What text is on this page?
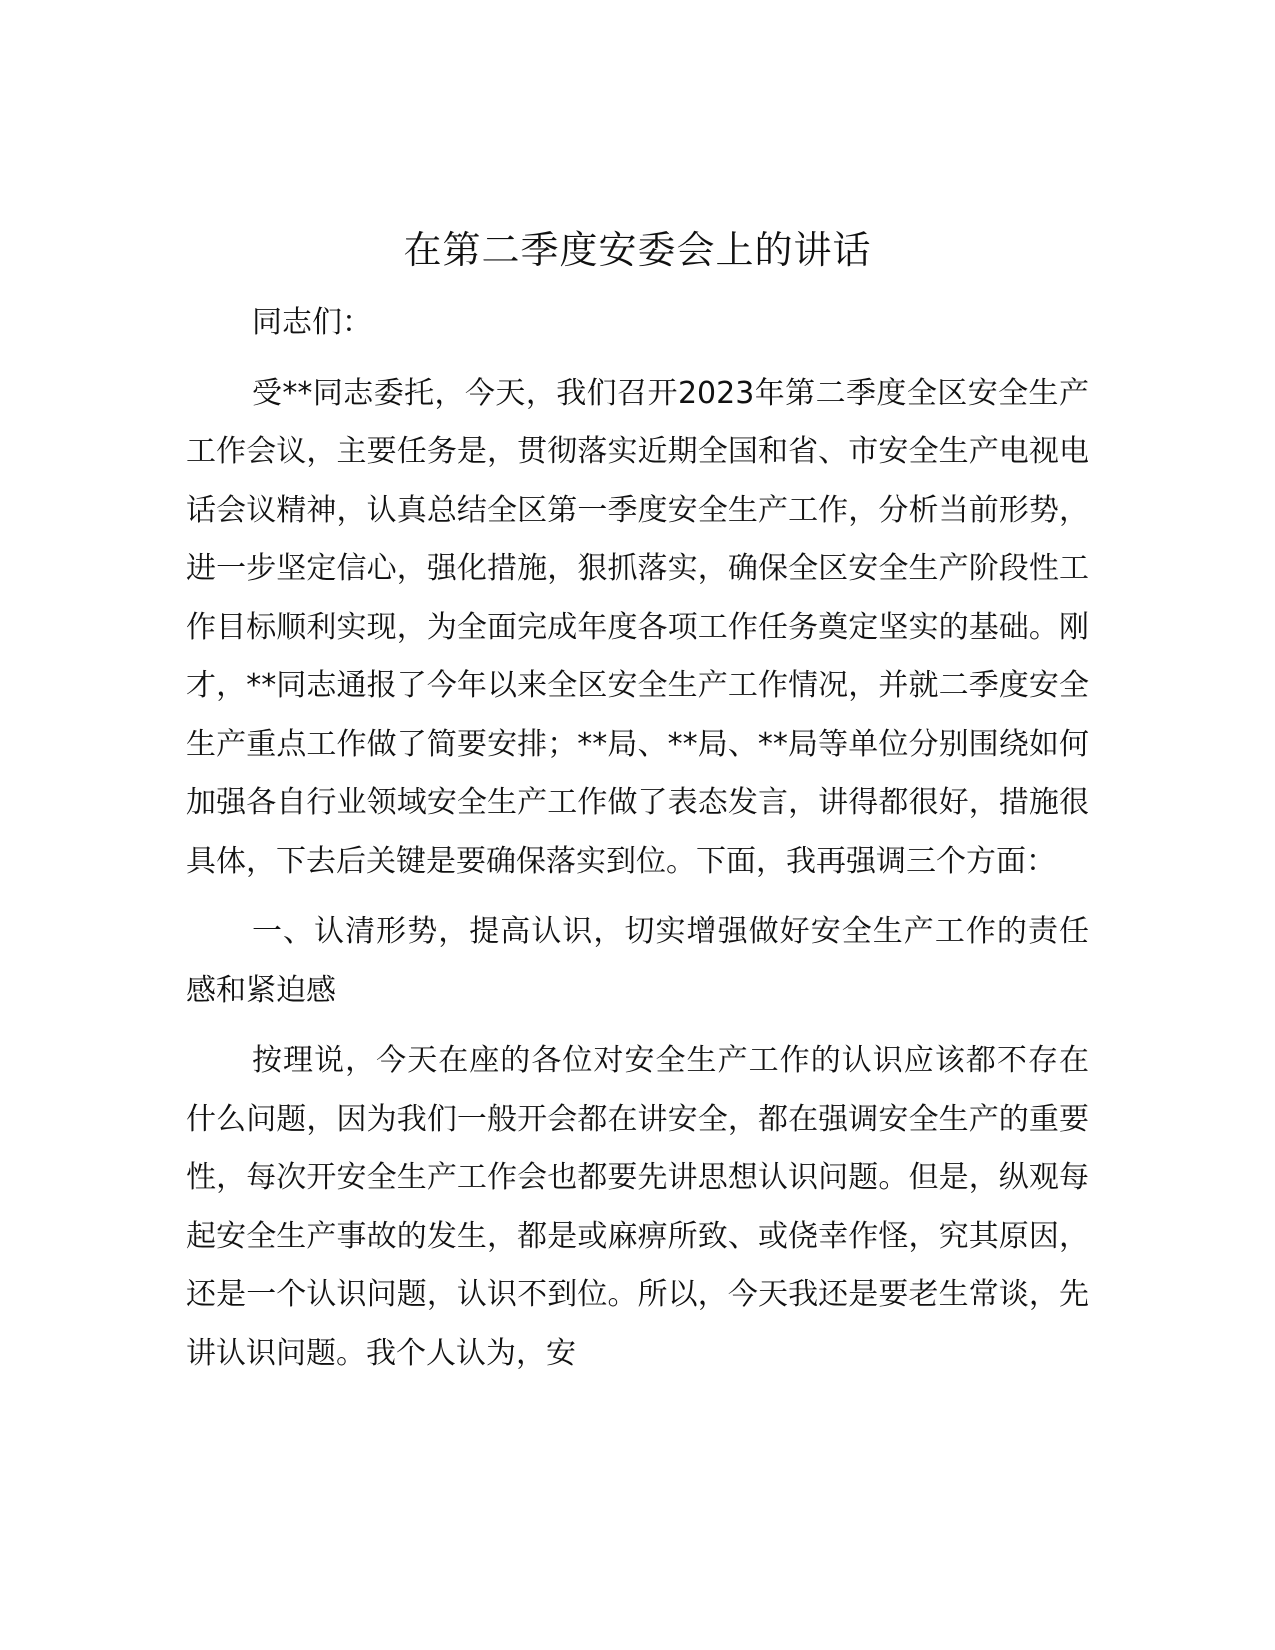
在第二季度安委会上的讲话

同志们：

受**同志委托，今天，我们召开2023年第二季度全区安全生产工作会议，主要任务是，贯彻落实近期全国和省、市安全生产电视电话会议精神，认真总结全区第一季度安全生产工作，分析当前形势，进一步坚定信心，强化措施，狠抓落实，确保全区安全生产阶段性工作目标顺利实现，为全面完成年度各项工作任务奠定坚实的基础。刚才，**同志通报了今年以来全区安全生产工作情况，并就二季度安全生产重点工作做了简要安排；**局、**局、**局等单位分别围绕如何加强各自行业领域安全生产工作做了表态发言，讲得都很好，措施很具体，下去后关键是要确保落实到位。下面，我再强调三个方面：

一、认清形势，提高认识，切实增强做好安全生产工作的责任感和紧迫感

按理说，今天在座的各位对安全生产工作的认识应该都不存在什么问题，因为我们一般开会都在讲安全，都在强调安全生产的重要性，每次开安全生产工作会也都要先讲思想认识问题。但是，纵观每起安全生产事故的发生，都是或麻痹所致、或侥幸作怪，究其原因，还是一个认识问题，认识不到位。所以，今天我还是要老生常谈，先讲认识问题。我个人认为，安
